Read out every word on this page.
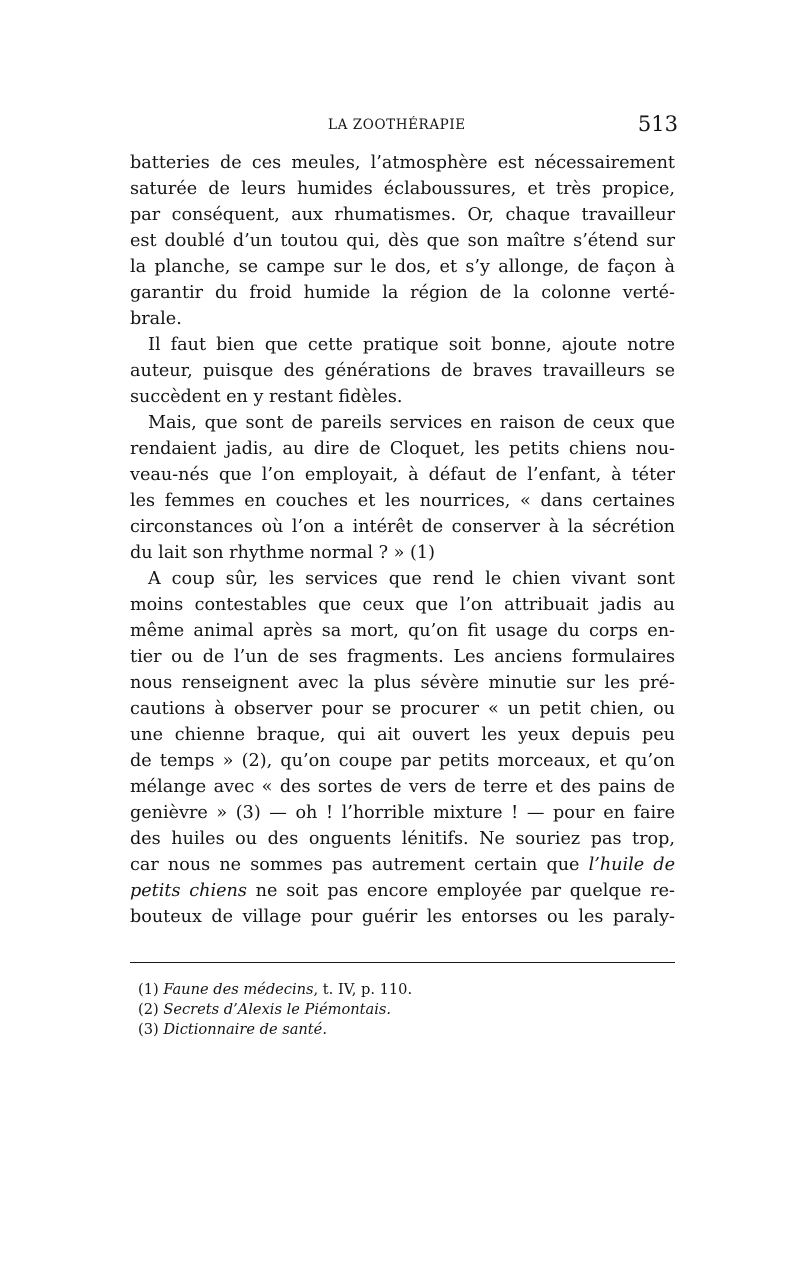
LA ZOOTHÉRAPIE	513
batteries de ces meules, l’atmosphère est nécessairement
saturée de leurs humides éclaboussures, et très propice,
par conséquent, aux rhumatismes. Or, chaque travailleur
est doublé d’un toutou qui, dès que son maître s’étend sur
la planche, se campe sur le dos, et s’y allonge, de façon à
garantir du froid humide la région de la colonne verté-
brale.
Il faut bien que cette pratique soit bonne, ajoute notre
auteur, puisque des générations de braves travailleurs se
succèdent en y restant fidèles.
Mais, que sont de pareils services en raison de ceux que
rendaient jadis, au dire de Cloquet, les petits chiens nou-
veau-nés que l’on employait, à défaut de l’enfant, à téter
les femmes en couches et les nourrices, « dans certaines
circonstances où l’on a intérêt de conserver à la sécrétion
du lait son rhythme normal ? » (1)
A coup sûr, les services que rend le chien vivant sont
moins contestables que ceux que l’on attribuait jadis au
même animal après sa mort, qu’on fit usage du corps en-
tier ou de l’un de ses fragments. Les anciens formulaires
nous renseignent avec la plus sévère minutie sur les pré-
cautions à observer pour se procurer « un petit chien, ou
une chienne braque, qui ait ouvert les yeux depuis peu
de temps » (2), qu’on coupe par petits morceaux, et qu’on
mélange avec « des sortes de vers de terre et des pains de
genièvre » (3) — oh ! l’horrible mixture ! — pour en faire
des huiles ou des onguents lénitifs. Ne souriez pas trop,
car nous ne sommes pas autrement certain que l’huile de
petits chiens ne soit pas encore employée par quelque re-
bouteux de village pour guérir les entorses ou les paraly-
(1) Faune des médecins, t. IV, p. 110.
(2) Secrets d’Alexis le Piémontais.
(3) Dictionnaire de santé.
